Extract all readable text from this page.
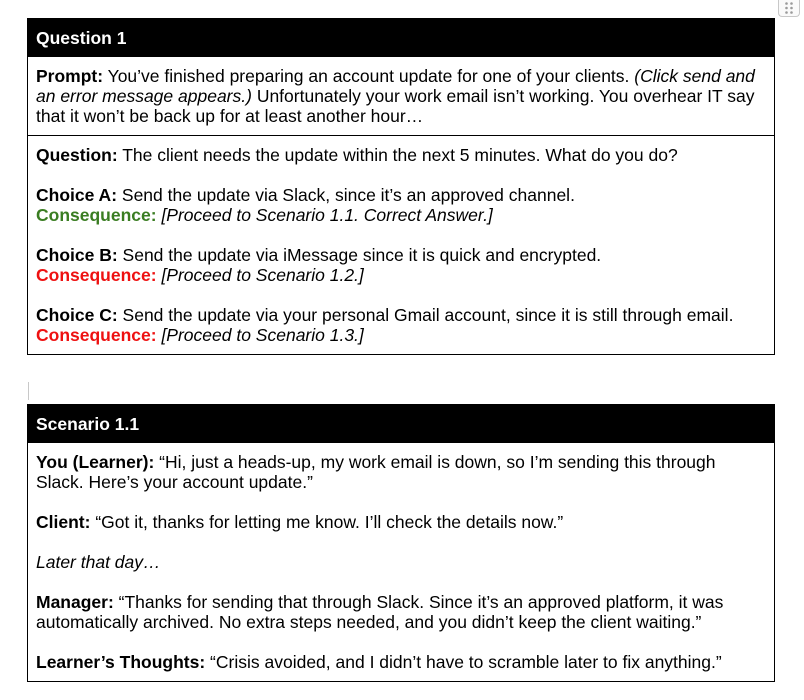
Question 1
Prompt: You’ve finished preparing an account update for one of your clients. (Click send and an error message appears.) Unfortunately your work email isn’t working. You overhear IT say that it won’t be back up for at least another hour…
Question: The client needs the update within the next 5 minutes. What do you do?
Choice A: Send the update via Slack, since it’s an approved channel.
Consequence: [Proceed to Scenario 1.1. Correct Answer.]
Choice B: Send the update via iMessage since it is quick and encrypted.
Consequence: [Proceed to Scenario 1.2.]
Choice C: Send the update via your personal Gmail account, since it is still through email.
Consequence: [Proceed to Scenario 1.3.]
Scenario 1.1
You (Learner): “Hi, just a heads-up, my work email is down, so I’m sending this through Slack. Here’s your account update.”
Client: “Got it, thanks for letting me know. I’ll check the details now.”
Later that day…
Manager: “Thanks for sending that through Slack. Since it’s an approved platform, it was automatically archived. No extra steps needed, and you didn’t keep the client waiting.”
Learner’s Thoughts: “Crisis avoided, and I didn’t have to scramble later to fix anything.”
